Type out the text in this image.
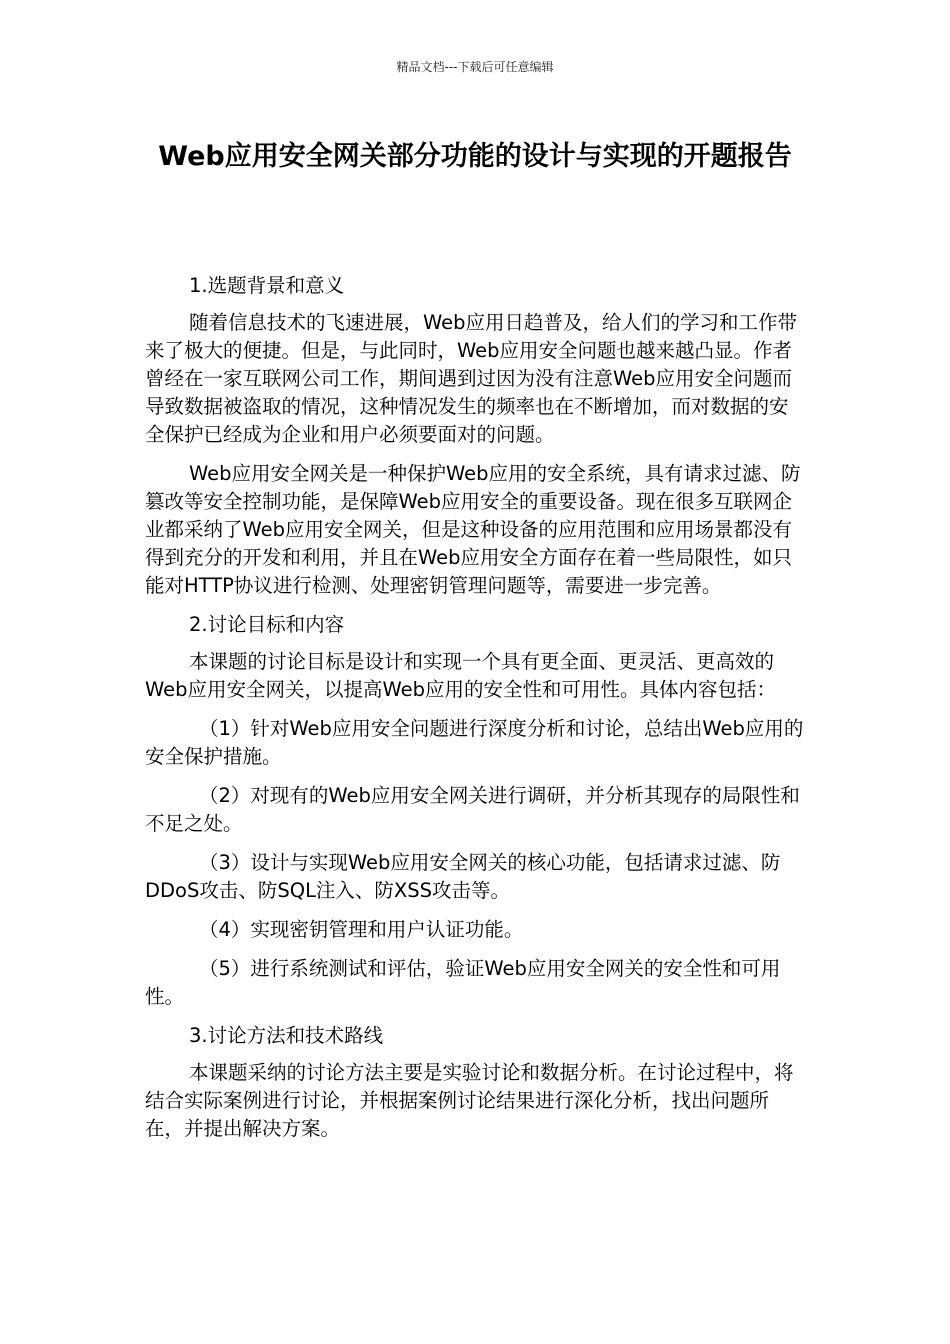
精品文档---下载后可任意编辑
Web应用安全网关部分功能的设计与实现的开题报告

1.选题背景和意义

随着信息技术的飞速进展，Web应用日趋普及，给人们的学习和工作带来了极大的便捷。但是，与此同时，Web应用安全问题也越来越凸显。作者曾经在一家互联网公司工作，期间遇到过因为没有注意Web应用安全问题而导致数据被盗取的情况，这种情况发生的频率也在不断增加，而对数据的安全保护已经成为企业和用户必须要面对的问题。

Web应用安全网关是一种保护Web应用的安全系统，具有请求过滤、防篡改等安全控制功能，是保障Web应用安全的重要设备。现在很多互联网企业都采纳了Web应用安全网关，但是这种设备的应用范围和应用场景都没有得到充分的开发和利用，并且在Web应用安全方面存在着一些局限性，如只能对HTTP协议进行检测、处理密钥管理问题等，需要进一步完善。

2.讨论目标和内容

本课题的讨论目标是设计和实现一个具有更全面、更灵活、更高效的Web应用安全网关，以提高Web应用的安全性和可用性。具体内容包括：

（1）针对Web应用安全问题进行深度分析和讨论，总结出Web应用的安全保护措施。

（2）对现有的Web应用安全网关进行调研，并分析其现存的局限性和不足之处。

（3）设计与实现Web应用安全网关的核心功能，包括请求过滤、防DDoS攻击、防SQL注入、防XSS攻击等。

（4）实现密钥管理和用户认证功能。

（5）进行系统测试和评估，验证Web应用安全网关的安全性和可用性。

3.讨论方法和技术路线

本课题采纳的讨论方法主要是实验讨论和数据分析。在讨论过程中，将结合实际案例进行讨论，并根据案例讨论结果进行深化分析，找出问题所在，并提出解决方案。
